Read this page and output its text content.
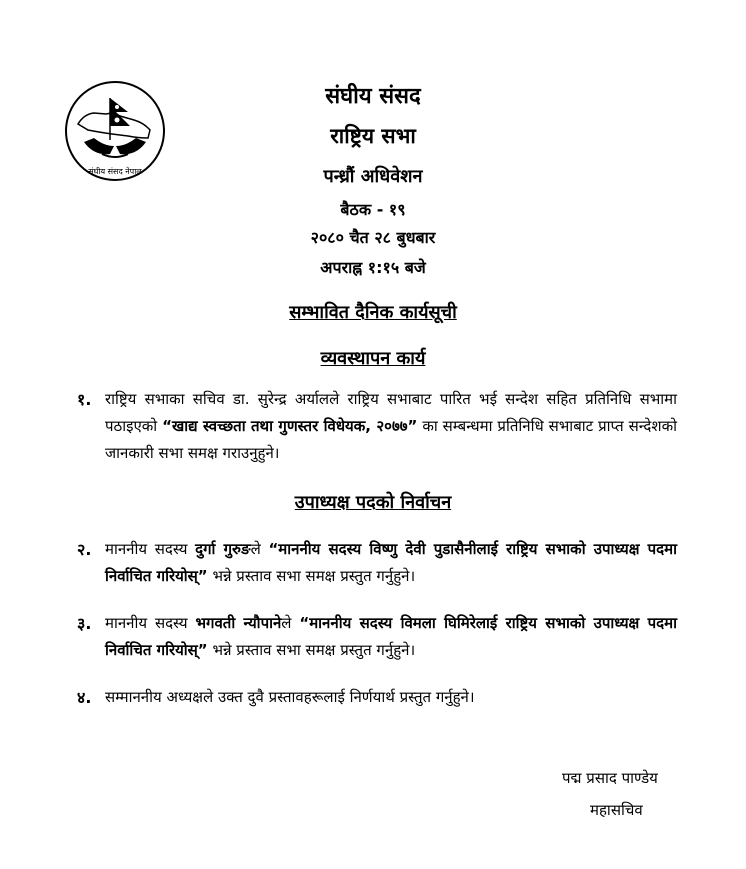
संघीय संसद नेपाल
संघीय संसद
राष्ट्रिय सभा
पन्ध्रौं अधिवेशन
बैठक - १९
२०८० चैत २८ बुधबार
अपराह्न १:१५ बजे
सम्भावित दैनिक कार्यसूची
व्यवस्थापन कार्य
१. राष्ट्रिय सभाका सचिव डा. सुरेन्द्र अर्यालले राष्ट्रिय सभाबाट पारित भई सन्देश सहित प्रतिनिधि सभामा पठाइएको “खाद्य स्वच्छता तथा गुणस्तर विधेयक, २०७७” का सम्बन्धमा प्रतिनिधि सभाबाट प्राप्त सन्देशको जानकारी सभा समक्ष गराउनुहुने।
उपाध्यक्ष पदको निर्वाचन
२. माननीय सदस्य दुर्गा गुरुङले “माननीय सदस्य विष्णु देवी पुडासैनीलाई राष्ट्रिय सभाको उपाध्यक्ष पदमा निर्वाचित गरियोस्” भन्ने प्रस्ताव सभा समक्ष प्रस्तुत गर्नुहुने।
३. माननीय सदस्य भगवती न्यौपानेले “माननीय सदस्य विमला घिमिरेलाई राष्ट्रिय सभाको उपाध्यक्ष पदमा निर्वाचित गरियोस्” भन्ने प्रस्ताव सभा समक्ष प्रस्तुत गर्नुहुने।
४. सम्माननीय अध्यक्षले उक्त दुवै प्रस्तावहरूलाई निर्णयार्थ प्रस्तुत गर्नुहुने।
पद्म प्रसाद पाण्डेय
महासचिव
